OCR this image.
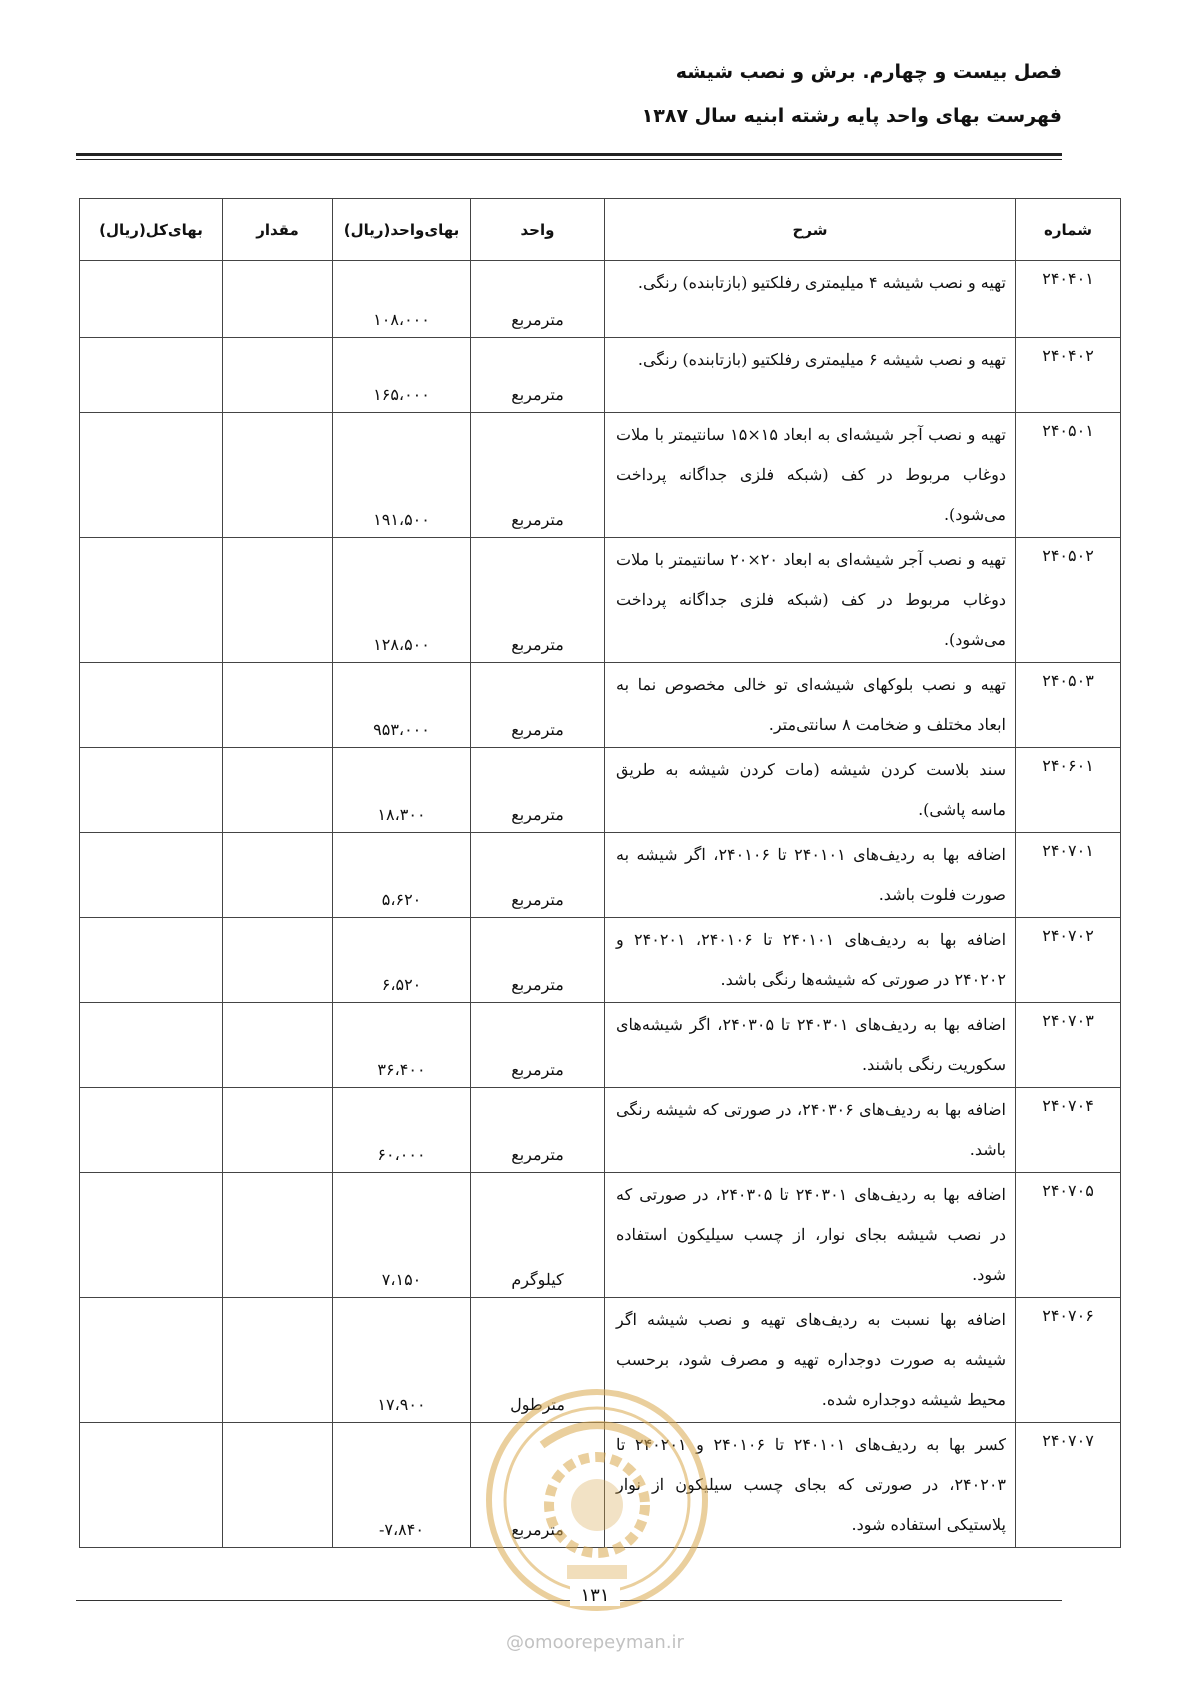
فصل بیست و چهارم. برش و نصب شیشه
فهرست بهای واحد پایه رشته ابنیه سال ۱۳۸۷
شماره	شرح	واحد	بهای‌واحد(ریال)	مقدار	بهای‌کل(ریال)
۲۴۰۴۰۱	تهیه و نصب شیشه ۴ میلیمتری رفلکتیو (بازتابنده) رنگی.	مترمربع	۱۰۸،۰۰۰		
۲۴۰۴۰۲	تهیه و نصب شیشه ۶ میلیمتری رفلکتیو (بازتابنده) رنگی.	مترمربع	۱۶۵،۰۰۰		
۲۴۰۵۰۱	تهیه و نصب آجر شیشه‌ای به ابعاد ۱۵×۱۵ سانتیمتر با ملات دوغاب مربوط در کف (شبکه فلزی جداگانه پرداخت می‌شود).	مترمربع	۱۹۱،۵۰۰		
۲۴۰۵۰۲	تهیه و نصب آجر شیشه‌ای به ابعاد ۲۰×۲۰ سانتیمتر با ملات دوغاب مربوط در کف (شبکه فلزی جداگانه پرداخت می‌شود).	مترمربع	۱۲۸،۵۰۰		
۲۴۰۵۰۳	تهیه و نصب بلوکهای شیشه‌ای تو خالی مخصوص نما به ابعاد مختلف و ضخامت ۸ سانتی‌متر.	مترمربع	۹۵۳،۰۰۰		
۲۴۰۶۰۱	سند بلاست کردن شیشه (مات کردن شیشه به طریق ماسه پاشی).	مترمربع	۱۸،۳۰۰		
۲۴۰۷۰۱	اضافه بها به ردیف‌های ۲۴۰۱۰۱ تا ۲۴۰۱۰۶، اگر شیشه به صورت فلوت باشد.	مترمربع	۵،۶۲۰		
۲۴۰۷۰۲	اضافه بها به ردیف‌های ۲۴۰۱۰۱ تا ۲۴۰۱۰۶، ۲۴۰۲۰۱ و ۲۴۰۲۰۲ در صورتی که شیشه‌ها رنگی باشد.	مترمربع	۶،۵۲۰		
۲۴۰۷۰۳	اضافه بها به ردیف‌های ۲۴۰۳۰۱ تا ۲۴۰۳۰۵، اگر شیشه‌های سکوریت رنگی باشند.	مترمربع	۳۶،۴۰۰		
۲۴۰۷۰۴	اضافه بها به ردیف‌های ۲۴۰۳۰۶، در صورتی که شیشه رنگی باشد.	مترمربع	۶۰،۰۰۰		
۲۴۰۷۰۵	اضافه بها به ردیف‌های ۲۴۰۳۰۱ تا ۲۴۰۳۰۵، در صورتی که در نصب شیشه بجای نوار، از چسب سیلیکون استفاده شود.	کیلوگرم	۷،۱۵۰		
۲۴۰۷۰۶	اضافه بها نسبت به ردیف‌های تهیه و نصب شیشه اگر شیشه به صورت دوجداره تهیه و مصرف شود، برحسب محیط شیشه دوجداره شده.	مترطول	۱۷،۹۰۰		
۲۴۰۷۰۷	کسر بها به ردیف‌های ۲۴۰۱۰۱ تا ۲۴۰۱۰۶ و ۲۴۰۲۰۱ تا ۲۴۰۲۰۳، در صورتی که بجای چسب سیلیکون از نوار پلاستیکی استفاده شود.	مترمربع	-۷،۸۴۰		
۱۳۱
@omoorepeyman.ir
